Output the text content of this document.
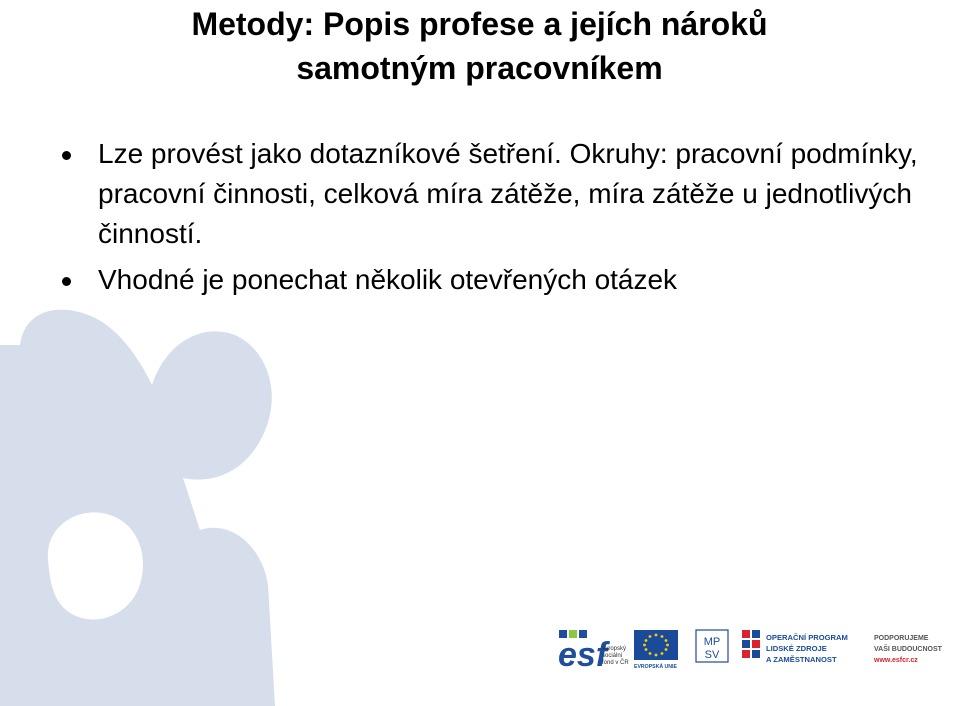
Metody: Popis profese a jejích nároků
samotným pracovníkem
Lze provést jako dotazníkové šetření. Okruhy: pracovní podmínky, pracovní činnosti, celková míra zátěže, míra zátěže u jednotlivých činností.
Vhodné je ponechat několik otevřených otázek
esf
evropský
sociální
fond v ČR
EVROPSKÁ UNIE
MP
SV
OPERAČNÍ PROGRAM
LIDSKÉ ZDROJE
A ZAMĚSTNANOST
PODPORUJEME
VAŠI BUDOUCNOST
www.esfcr.cz
